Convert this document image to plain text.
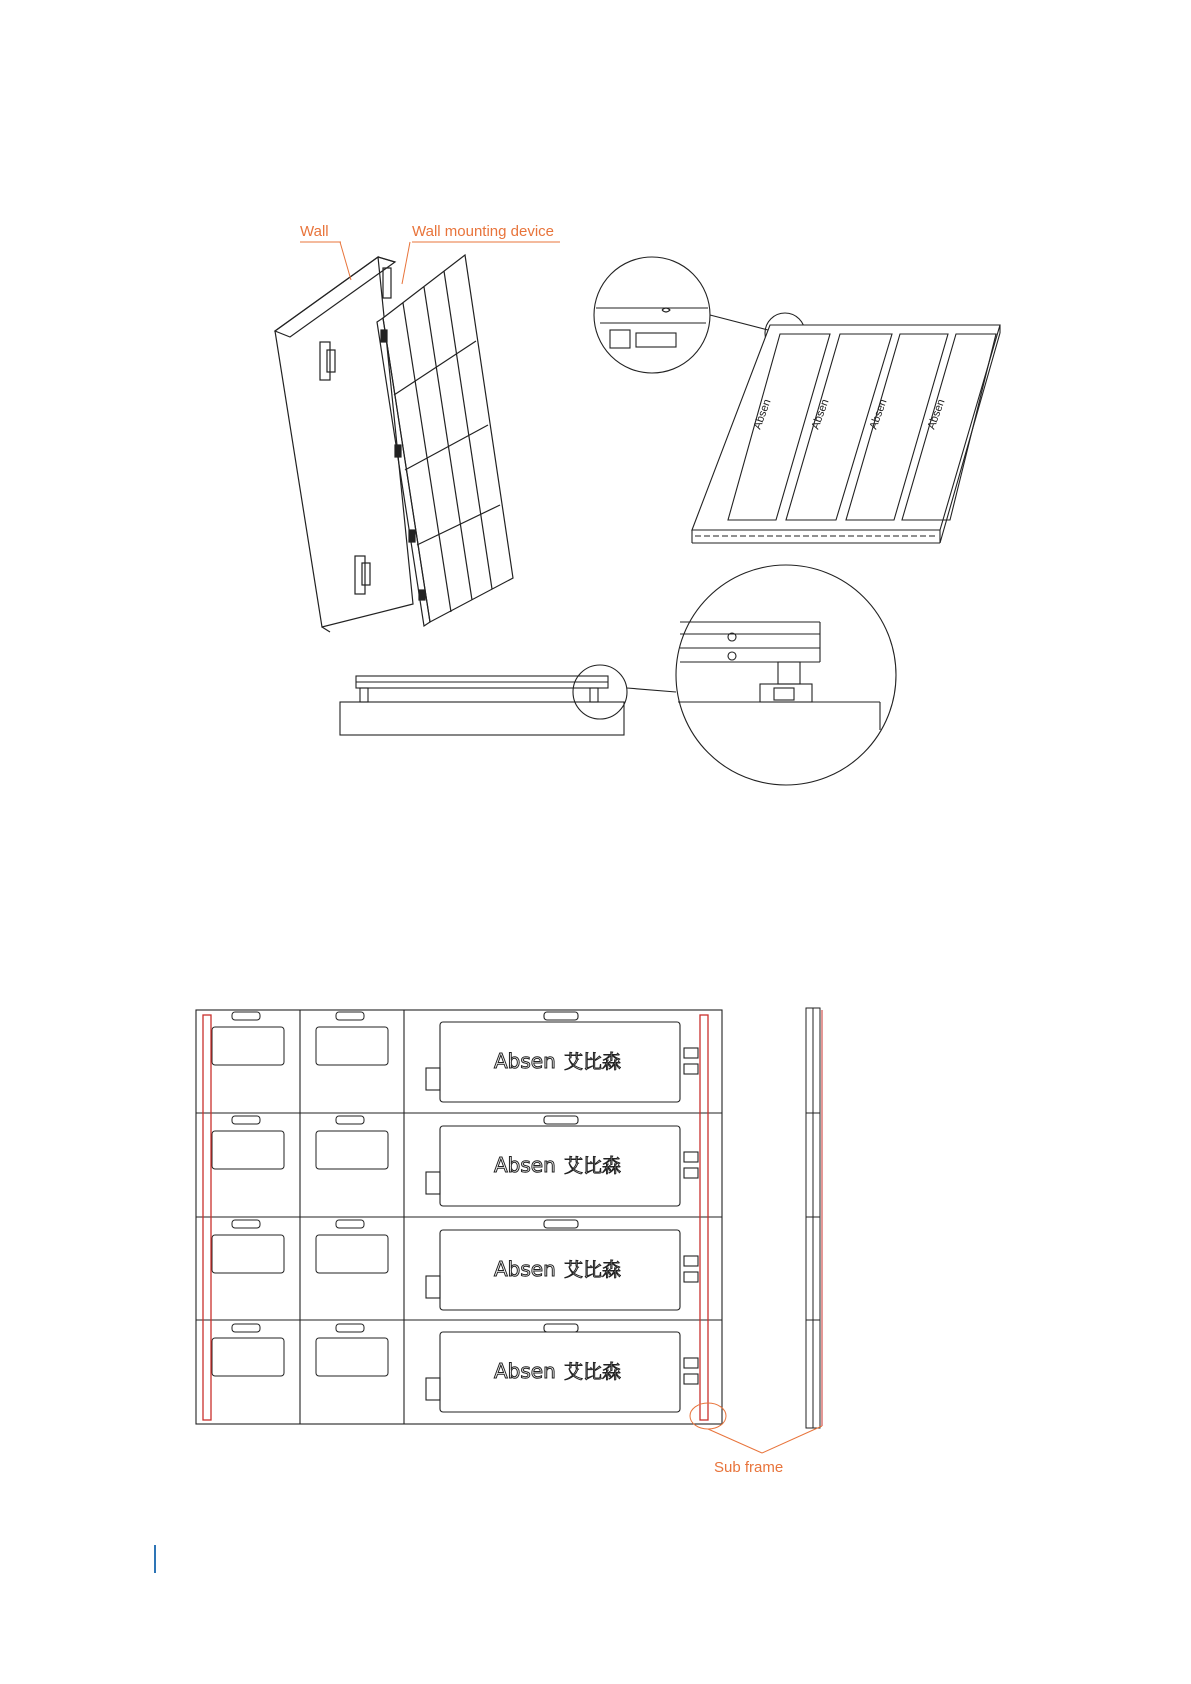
Wall	Wall mounting device
Absen	Absen	Absen	Absen
Absen 艾比森
Absen 艾比森
Absen 艾比森
Absen 艾比森
Sub frame
